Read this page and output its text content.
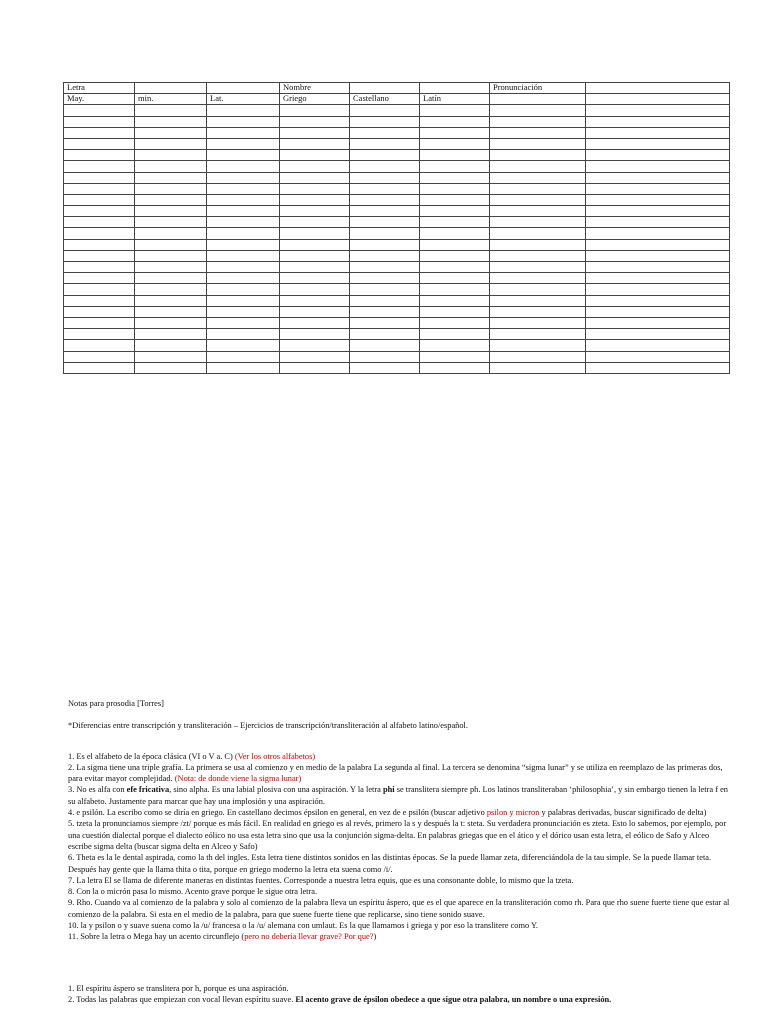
Letra			Nombre			Pronunciación	
May.	min.	Lat.	Griego	Castellano	Latín		

Notas para prosodia [Torres]

*Diferencias entre transcripción y transliteración – Ejercicios de transcripción/transliteración al alfabeto latino/español.

1. Es el alfabeto de la época clásica (VI o V a. C) (Ver los otros alfabetos)

2. La sigma tiene una triple grafía. La primera se usa al comienzo y en medio de la palabra La segunda al final. La tercera se denomina “sigma lunar” y se utiliza en reemplazo de las primeras dos, para evitar mayor complejidad. (Nota: de donde viene la sigma lunar)

3. No es alfa con efe fricativa, sino alpha. Es una labial plosiva con una aspiración. Y la letra phi se translitera siempre ph. Los latinos transliteraban ‘philosophia’, y sin embargo tienen la letra f en su alfabeto. Justamente para marcar que hay una implosión y una aspiración.

4. e psilón. La escribo como se diría en griego. En castellano decimos épsilon en general, en vez de e psilón (buscar adjetivo psilon y micron y palabras derivadas, buscar significado de delta)

5. tzeta la pronunciamos siempre /zt/ porque es más fácil. En realidad en griego es al revés, primero la s y después la t: steta. Su verdadera pronunciación es zteta. Esto lo sabemos, por ejemplo, por una cuestión dialectal porque el dialecto eólico no usa esta letra sino que usa la conjunción sigma-delta. En palabras griegas que en el ático y el dórico usan esta letra, el eólico de Safo y Alceo escribe sigma delta (buscar sigma delta en Alceo y Safo)

6. Theta es la le dental aspirada, como la th del ingles. Esta letra tiene distintos sonidos en las distintas épocas. Se la puede llamar zeta, diferenciándola de la tau simple. Se la puede llamar teta. Después hay gente que la llama thita o tita, porque en griego moderno la letra eta suena como /i/.

7. La letra El se llama de diferente maneras en distintas fuentes. Corresponde a nuestra letra equis, que es una consonante doble, lo mismo que la tzeta.

8. Con la o micrón pasa lo mismo. Acento grave porque le sigue otra letra.

9. Rho. Cuando va al comienzo de la palabra y solo al comienzo de la palabra lleva un espíritu áspero, que es el que aparece en la transliteración como rh. Para que rho suene fuerte tiene que estar al comienzo de la palabra. Si esta en el medio de la palabra, para que suene fuerte tiene que replicarse, sino tiene sonido suave.

10. la y psilon o y suave suena como la /u/ francesa o la /u/ alemana con umlaut. Es la que llamamos i griega y por eso la translitere como Y.

11. Sobre la letra o Mega hay un acento circunflejo (pero no debería llevar grave? Por que?)

1. El espíritu áspero se translitera por h, porque es una aspiración.

2. Todas las palabras que empiezan con vocal llevan espíritu suave. El acento grave de épsilon obedece a que sigue otra palabra, un nombre o una expresión.
